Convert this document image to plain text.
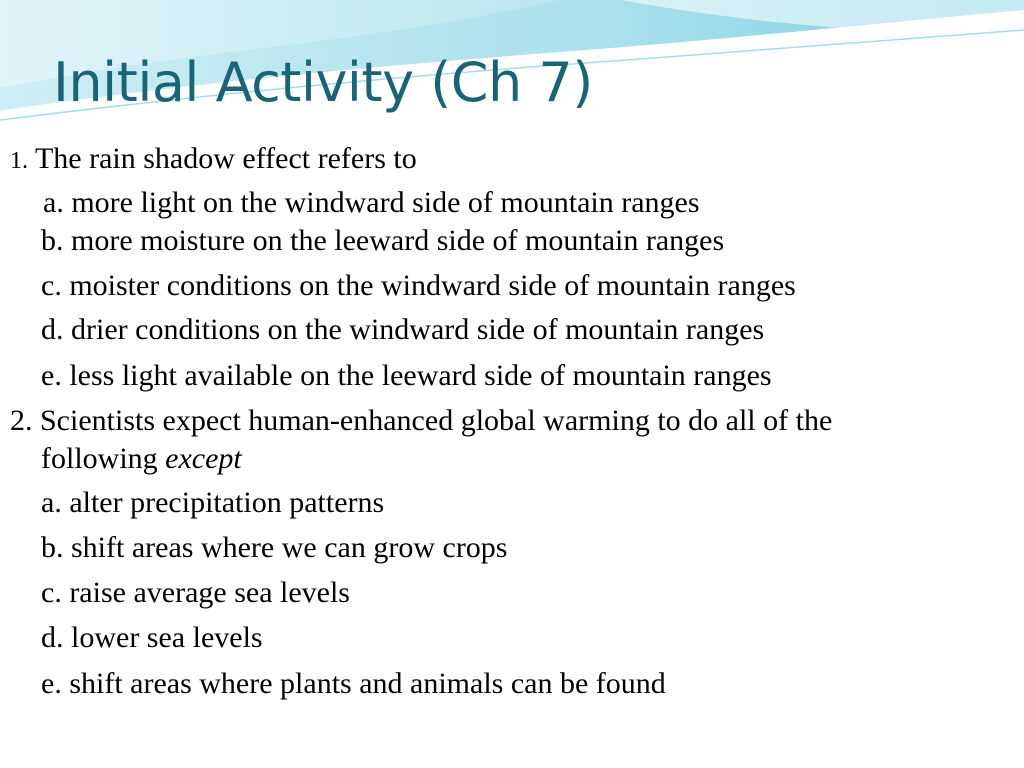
Initial Activity (Ch 7)
1. The rain shadow effect refers to
a. more light on the windward side of mountain ranges
b. more moisture on the leeward side of mountain ranges
c. moister conditions on the windward side of mountain ranges
d. drier conditions on the windward side of mountain ranges
e. less light available on the leeward side of mountain ranges
2. Scientists expect human-enhanced global warming to do all of the
following except
a. alter precipitation patterns
b. shift areas where we can grow crops
c. raise average sea levels
d. lower sea levels
e. shift areas where plants and animals can be found
